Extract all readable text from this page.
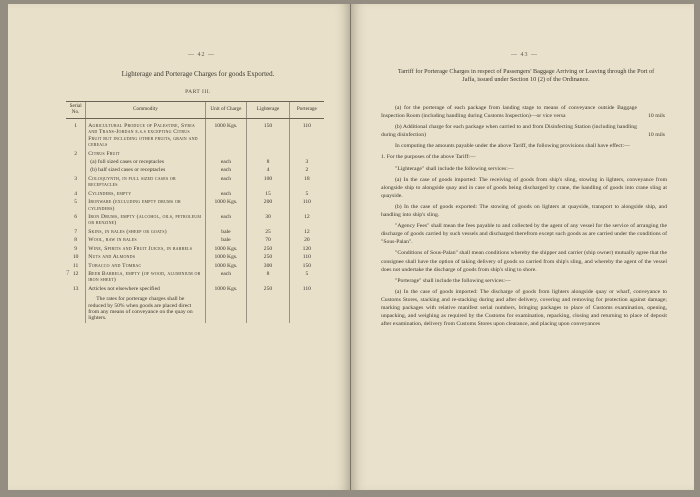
— 42 —
Lighterage and Porterage Charges for goods Exported.
PART III.
7
Serial No.	Commodity	Unit of Charge	Lighterage	Porterage
1	Agricultural Produce of Palestine, Syria and Trans-Jordan e.s.s excepting Citrus Fruit but including other fruits, grain and cereals	1000 Kgs.	150	110
2	Citrus Fruit			
	(a) full sized cases or receptacles	each	8	3
	(b) half sized cases or receptacles	each	4	2
3	Coloquynth, in full sized cases or receptacles	each	100	18
4	Cylinders, empty	each	15	5
5	Ironware (excluding empty drums or cylinders)	1000 Kgs.	200	110
6	Iron Drums, empty (alcohol, oils, petroleum or benzine)	each	30	12
7	Skins, in bales (sheep or goats)	bale	25	12
8	Wool, raw in bales	bale	70	20
9	Wine, Spirits and Fruit Juices, in barrels	1000 Kgs.	250	120
10	Nuts and Almonds	1000 Kgs.	250	110
11	Tobacco and Tombac	1000 Kgs.	300	150
12	Beer Barrels, empty (of wood, aluminium or iron sheet)	each	8	5
13	Articles not elsewhere specified	1000 Kgs.	250	110
	The rates for porterage charges shall be reduced by 50% when goods are placed direct from any means of conveyance on the quay on lighters.			
— 43 —
Tarriff for Porterage Charges in respect of Passengers' Baggage Arriving or Leaving through the Port of Jaffa, issued under Section 10 (2) of the Ordinance.

(a) for the porterage of each package from landing stage to means of conveyance outside Baggage Inspection Room (including handling during Customs Inspection)—or vice versa	10 mils

(b) Additional charge for each package when carried to and from Disinfecting Station (including handling during disinfection)	10 mils

In computing the amounts payable under the above Tariff, the following provisions shall have effect:—

1. For the purposes of the above Tariff:—

"Lighterage" shall include the following services:—

(a) In the case of goods imported: The receiving of goods from ship's sling, stowing in lighters, conveyance from alongside ship to alongside quay and in case of goods being discharged by crane, the handling of goods into crane sling at quayside.

(b) In the case of goods exported: The stowing of goods on lighters at quayside, transport to alongside ship, and handling into ship's sling.

"Agency Fees" shall mean the fees payable to and collected by the agent of any vessel for the service of arranging the discharge of goods carried by such vessels and discharged therefrom except such goods as are carried under the conditions of "Sous-Palan".

"Conditions of Sous-Palan" shall mean conditions whereby the shipper and carrier (ship owner) mutually agree that the consignee shall have the option of taking delivery of goods so carried from ship's sling, and whereby the agent of the vessel does not undertake the discharge of goods from ship's sling to shore.

"Porterage" shall include the following services:—

(a) In the case of goods imported: The discharge of goods from lighters alongside quay or wharf, conveyance to Customs Stores, stacking and re-stacking during and after delivery, covering and removing for protection against damage; marking packages with relative manifest serial numbers, bringing packages to place of Customs examination, opening, unpacking, and weighing as required by the Customs for examination, repacking, closing and returning to place of deposit after examination, delivery from Customs Stores upon clearance, and placing upon conveyances
